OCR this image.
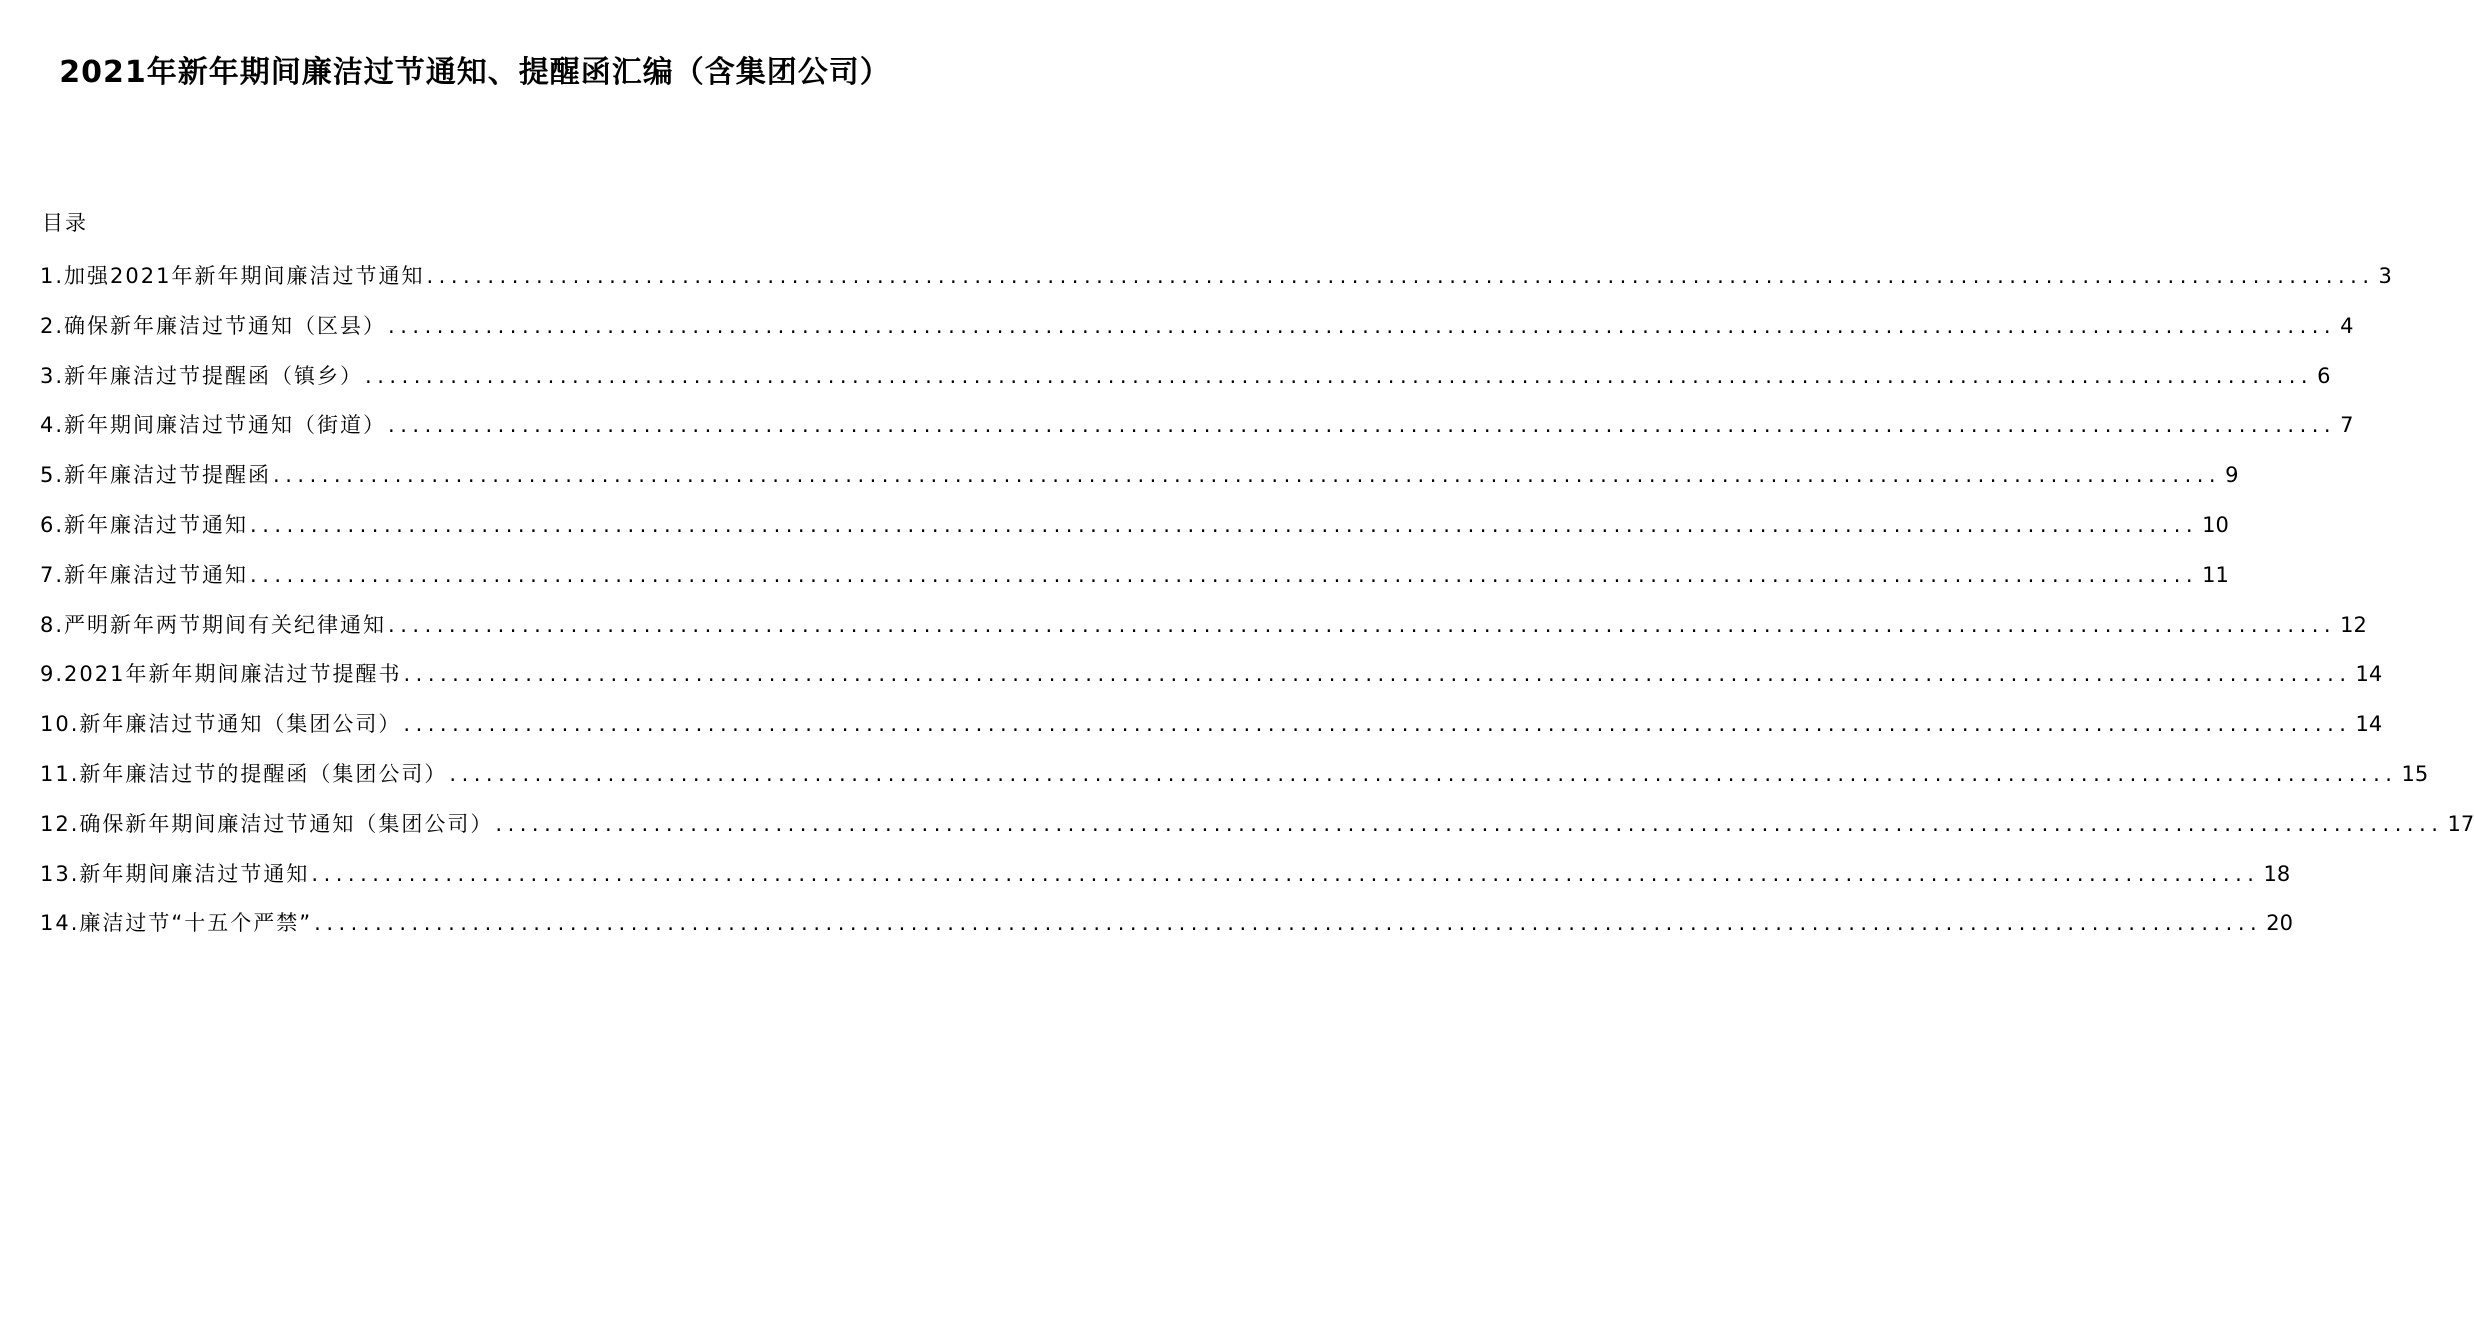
2021年新年期间廉洁过节通知、提醒函汇编（含集团公司）
目录
1.加强2021年新年期间廉洁过节通知 ................................................................................................................................................................ 3
2.确保新年廉洁过节通知（区县） ................................................................................................................................................................ 4
3.新年廉洁过节提醒函（镇乡） ................................................................................................................................................................ 6
4.新年期间廉洁过节通知（街道） ................................................................................................................................................................ 7
5.新年廉洁过节提醒函 ................................................................................................................................................................ 9
6.新年廉洁过节通知 ................................................................................................................................................................ 10
7.新年廉洁过节通知 ................................................................................................................................................................ 11
8.严明新年两节期间有关纪律通知 ................................................................................................................................................................ 12
9.2021年新年期间廉洁过节提醒书 ................................................................................................................................................................ 14
10.新年廉洁过节通知（集团公司） ................................................................................................................................................................ 14
11.新年廉洁过节的提醒函（集团公司） ................................................................................................................................................................ 15
12.确保新年期间廉洁过节通知（集团公司） ................................................................................................................................................................ 17
13.新年期间廉洁过节通知 ................................................................................................................................................................ 18
14.廉洁过节“十五个严禁” ................................................................................................................................................................ 20
